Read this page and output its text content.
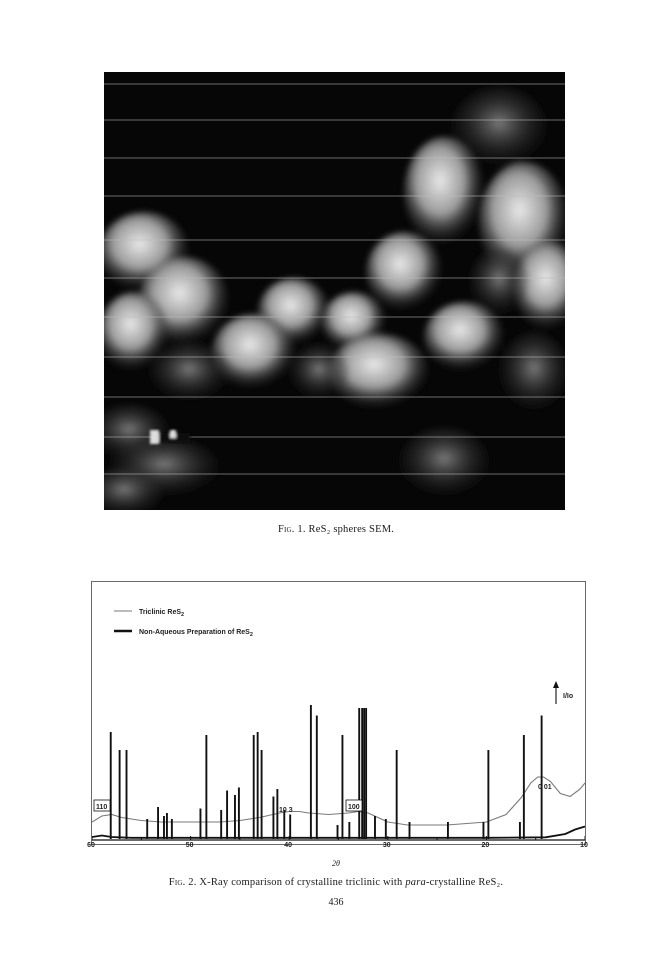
Fig. 1. ReS₂ spheres SEM.
Triclinic ReS$_2$
Non-Aqueous Preparation of ReS$_2$
I/Io
110	10 3	100
0 01
60	50	40	30	20	10
2θ
Fig. 2. X-Ray comparison of crystalline triclinic with para-crystalline ReS₂.
436
